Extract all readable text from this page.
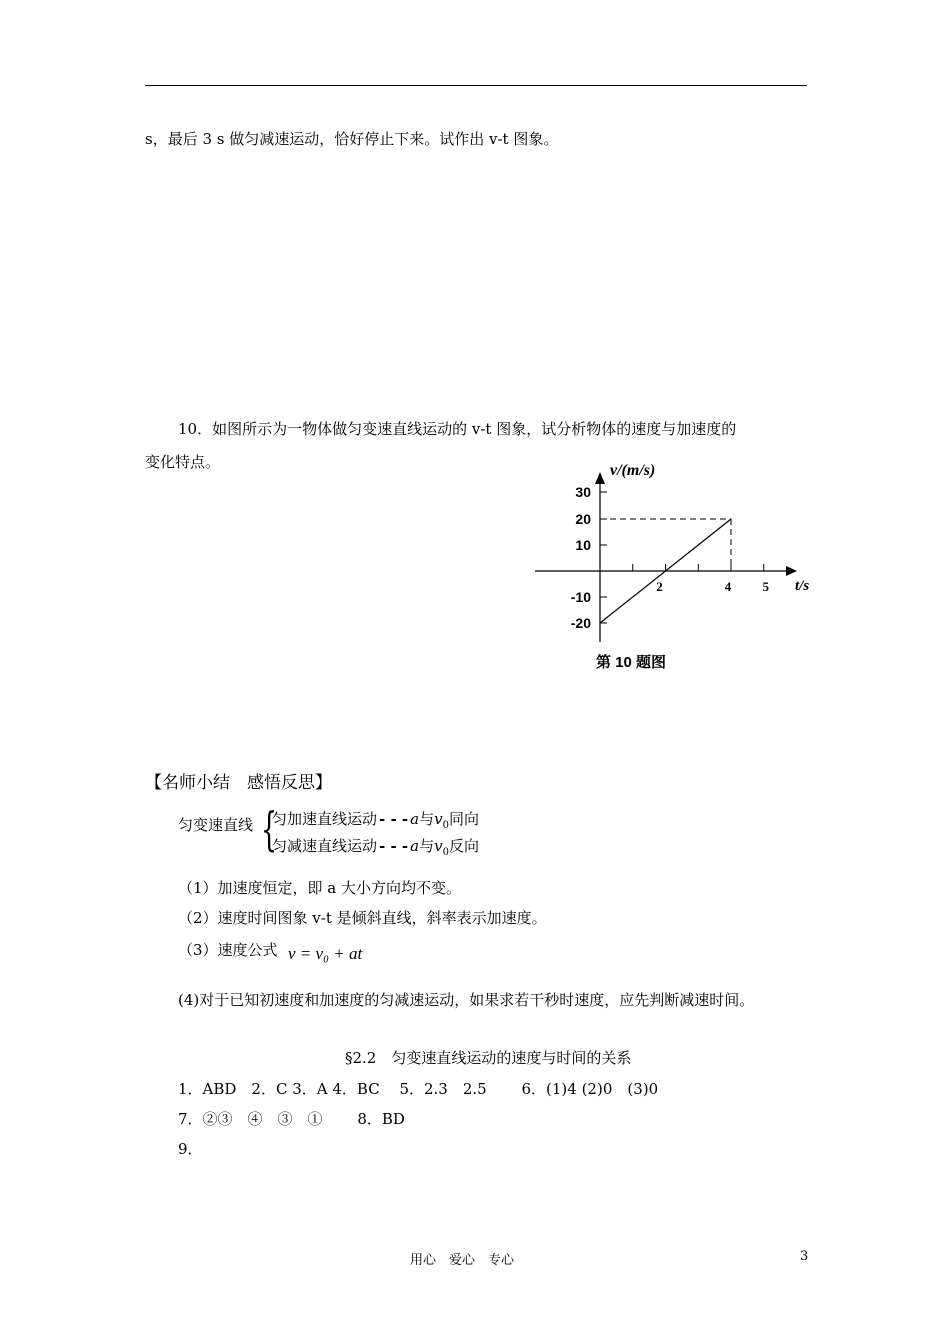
s，最后 3 s 做匀减速运动，恰好停止下来。试作出 v-t 图象。
10．如图所示为一物体做匀变速直线运动的 v-t 图象，试分析物体的速度与加速度的
变化特点。
30
20
10
-10
-20
2	4 5
v/(m/s)
t/s
第 10 题图
【名师小结　感悟反思】
匀变速直线 {
匀加速直线运动 - - - a与$v_0$同向
匀减速直线运动 - - - a与$v_0$反向
（1）加速度恒定，即 a 大小方向均不变。
（2）速度时间图象 v-t 是倾斜直线，斜率表示加速度。
（3）速度公式 v = v₀ + at
(4)对于已知初速度和加速度的匀减速运动，如果求若干秒时速度，应先判断减速时间。
§2.2　匀变速直线运动的速度与时间的关系
1．ABD　2．C 3．A 4．BC　 5．2.3　2.5　　 6．(1)4 (2)0　(3)0
7．②③　④　③　①　　 8．BD
9．
用心　爱心　专心	3
